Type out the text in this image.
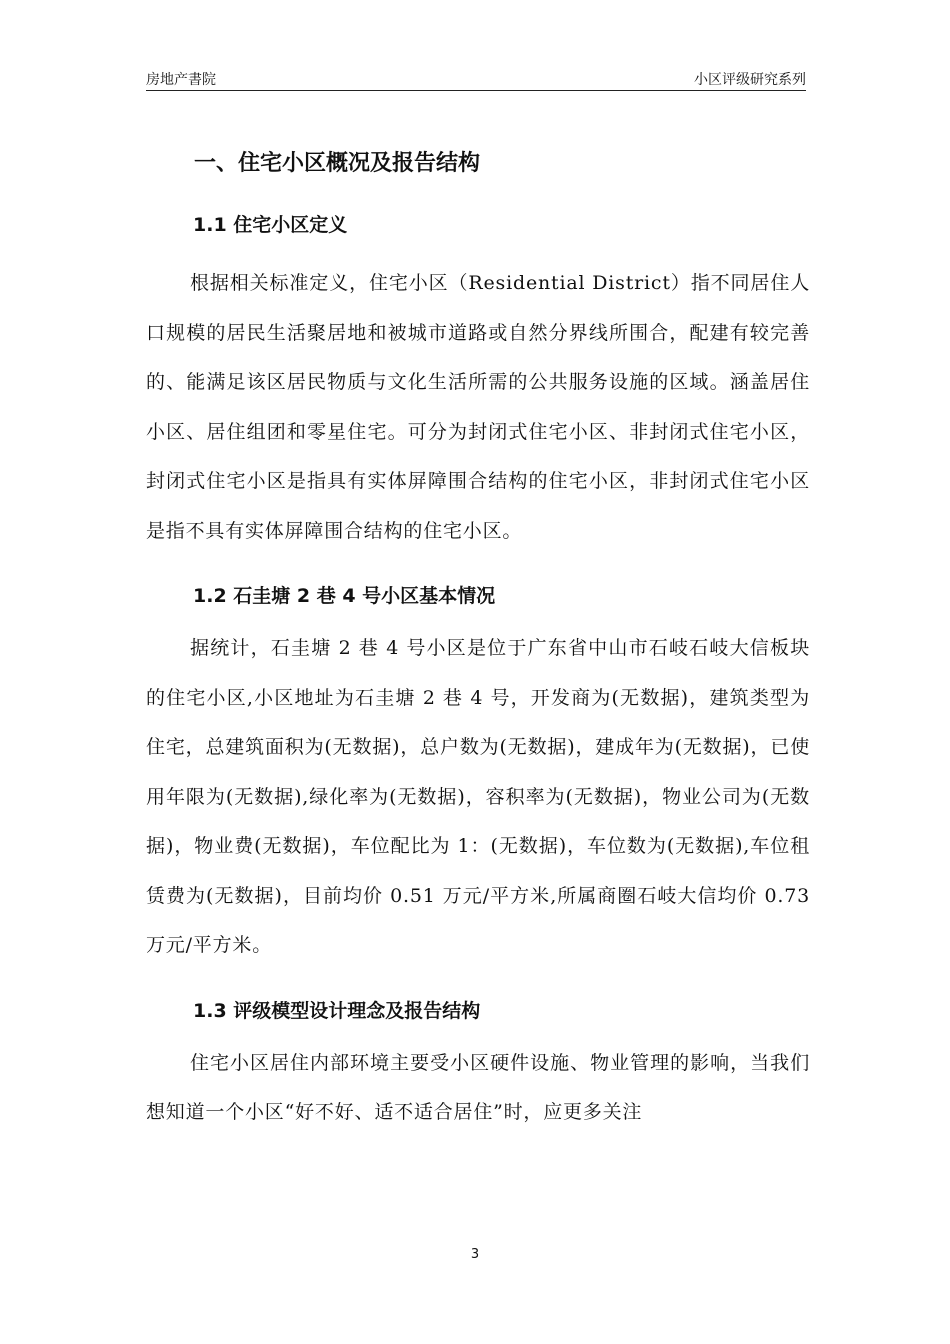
房地产書院	小区评级研究系列
一、住宅小区概况及报告结构
1.1 住宅小区定义

根据相关标准定义，住宅小区（Residential District）指不同居住人口规模的居民生活聚居地和被城市道路或自然分界线所围合，配建有较完善的、能满足该区居民物质与文化生活所需的公共服务设施的区域。涵盖居住小区、居住组团和零星住宅。可分为封闭式住宅小区、非封闭式住宅小区，封闭式住宅小区是指具有实体屏障围合结构的住宅小区，非封闭式住宅小区是指不具有实体屏障围合结构的住宅小区。

1.2 石圭塘 2 巷 4 号小区基本情况

据统计，石圭塘 2 巷 4 号小区是位于广东省中山市石岐石岐大信板块的住宅小区,小区地址为石圭塘 2 巷 4 号，开发商为(无数据)，建筑类型为住宅，总建筑面积为(无数据)，总户数为(无数据)，建成年为(无数据)，已使用年限为(无数据),绿化率为(无数据)，容积率为(无数据)，物业公司为(无数据)，物业费(无数据)，车位配比为 1：(无数据)，车位数为(无数据),车位租赁费为(无数据)，目前均价 0.51 万元/平方米,所属商圈石岐大信均价 0.73 万元/平方米。

1.3 评级模型设计理念及报告结构

住宅小区居住内部环境主要受小区硬件设施、物业管理的影响，当我们想知道一个小区“好不好、适不适合居住”时，应更多关注

3
